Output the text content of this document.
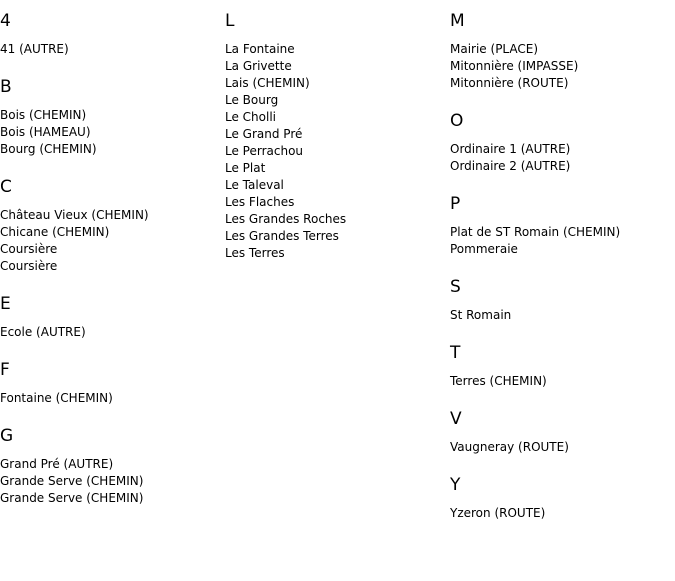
4
41 (AUTRE)
B
Bois (CHEMIN)
Bois (HAMEAU)
Bourg (CHEMIN)
C
Château Vieux (CHEMIN)
Chicane (CHEMIN)
Coursière
Coursière
E
Ecole (AUTRE)
F
Fontaine (CHEMIN)
G
Grand Pré (AUTRE)
Grande Serve (CHEMIN)
Grande Serve (CHEMIN)
L
La Fontaine
La Grivette
Lais (CHEMIN)
Le Bourg
Le Cholli
Le Grand Pré
Le Perrachou
Le Plat
Le Taleval
Les Flaches
Les Grandes Roches
Les Grandes Terres
Les Terres
M
Mairie (PLACE)
Mitonnière (IMPASSE)
Mitonnière (ROUTE)
O
Ordinaire 1 (AUTRE)
Ordinaire 2 (AUTRE)
P
Plat de ST Romain (CHEMIN)
Pommeraie
S
St Romain
T
Terres (CHEMIN)
V
Vaugneray (ROUTE)
Y
Yzeron (ROUTE)
